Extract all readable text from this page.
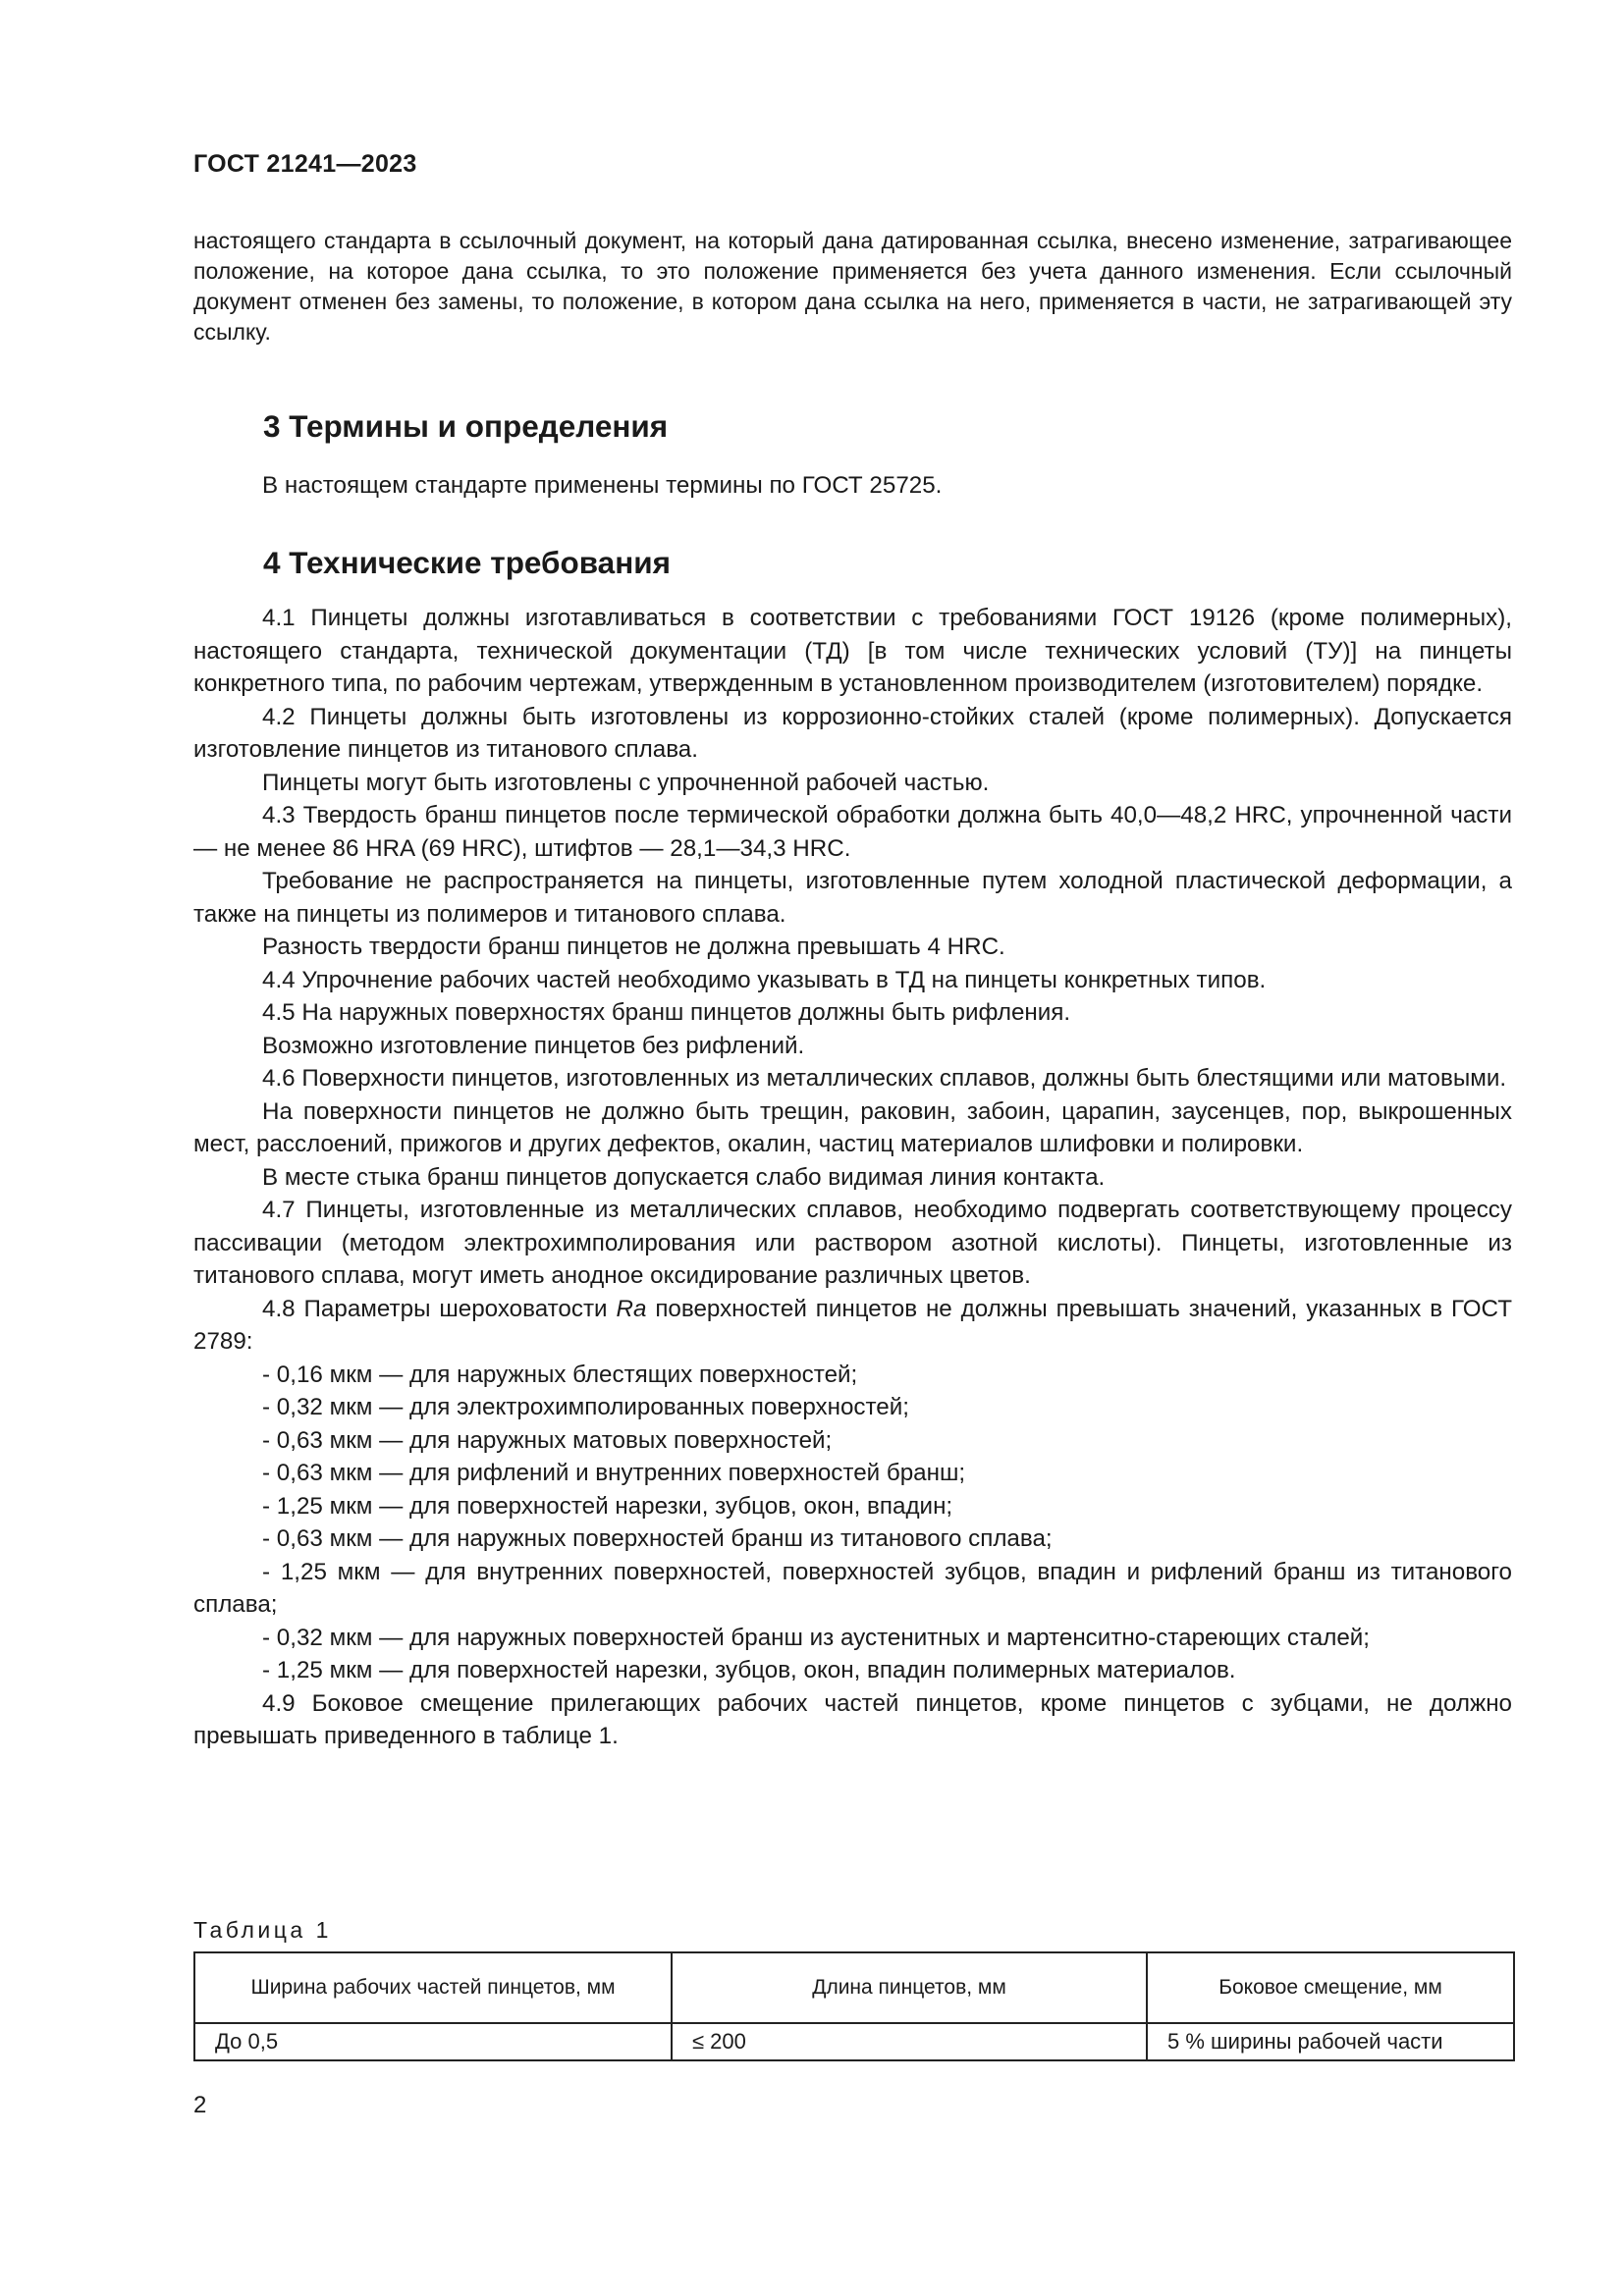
ГОСТ 21241—2023

настоящего стандарта в ссылочный документ, на который дана датированная ссылка, внесено изменение, затрагивающее положение, на которое дана ссылка, то это положение применяется без учета данного изменения. Если ссылочный документ отменен без замены, то положение, в котором дана ссылка на него, применяется в части, не затрагивающей эту ссылку.

3 Термины и определения

В настоящем стандарте применены термины по ГОСТ 25725.

4 Технические требования

4.1 Пинцеты должны изготавливаться в соответствии с требованиями ГОСТ 19126 (кроме полимерных), настоящего стандарта, технической документации (ТД) [в том числе технических условий (ТУ)] на пинцеты конкретного типа, по рабочим чертежам, утвержденным в установленном производителем (изготовителем) порядке.

4.2 Пинцеты должны быть изготовлены из коррозионно-стойких сталей (кроме полимерных). Допускается изготовление пинцетов из титанового сплава.

Пинцеты могут быть изготовлены с упрочненной рабочей частью.

4.3 Твердость бранш пинцетов после термической обработки должна быть 40,0—48,2 HRC, упрочненной части — не менее 86 HRA (69 HRC), штифтов — 28,1—34,3 HRC.

Требование не распространяется на пинцеты, изготовленные путем холодной пластической деформации, а также на пинцеты из полимеров и титанового сплава.

Разность твердости бранш пинцетов не должна превышать 4 HRC.

4.4 Упрочнение рабочих частей необходимо указывать в ТД на пинцеты конкретных типов.

4.5 На наружных поверхностях бранш пинцетов должны быть рифления.

Возможно изготовление пинцетов без рифлений.

4.6 Поверхности пинцетов, изготовленных из металлических сплавов, должны быть блестящими или матовыми.

На поверхности пинцетов не должно быть трещин, раковин, забоин, царапин, заусенцев, пор, выкрошенных мест, расслоений, прижогов и других дефектов, окалин, частиц материалов шлифовки и полировки.

В месте стыка бранш пинцетов допускается слабо видимая линия контакта.

4.7 Пинцеты, изготовленные из металлических сплавов, необходимо подвергать соответствующему процессу пассивации (методом электрохимполирования или раствором азотной кислоты). Пинцеты, изготовленные из титанового сплава, могут иметь анодное оксидирование различных цветов.

4.8 Параметры шероховатости Ra поверхностей пинцетов не должны превышать значений, указанных в ГОСТ 2789:

- 0,16 мкм — для наружных блестящих поверхностей;

- 0,32 мкм — для электрохимполированных поверхностей;

- 0,63 мкм — для наружных матовых поверхностей;

- 0,63 мкм — для рифлений и внутренних поверхностей бранш;

- 1,25 мкм — для поверхностей нарезки, зубцов, окон, впадин;

- 0,63 мкм — для наружных поверхностей бранш из титанового сплава;

- 1,25 мкм — для внутренних поверхностей, поверхностей зубцов, впадин и рифлений бранш из титанового сплава;

- 0,32 мкм — для наружных поверхностей бранш из аустенитных и мартенситно-стареющих сталей;

- 1,25 мкм — для поверхностей нарезки, зубцов, окон, впадин полимерных материалов.

4.9 Боковое смещение прилегающих рабочих частей пинцетов, кроме пинцетов с зубцами, не должно превышать приведенного в таблице 1.

Таблица 1
Ширина рабочих частей пинцетов, мм	Длина пинцетов, мм	Боковое смещение, мм
До 0,5	≤ 200	5 % ширины рабочей части
2
